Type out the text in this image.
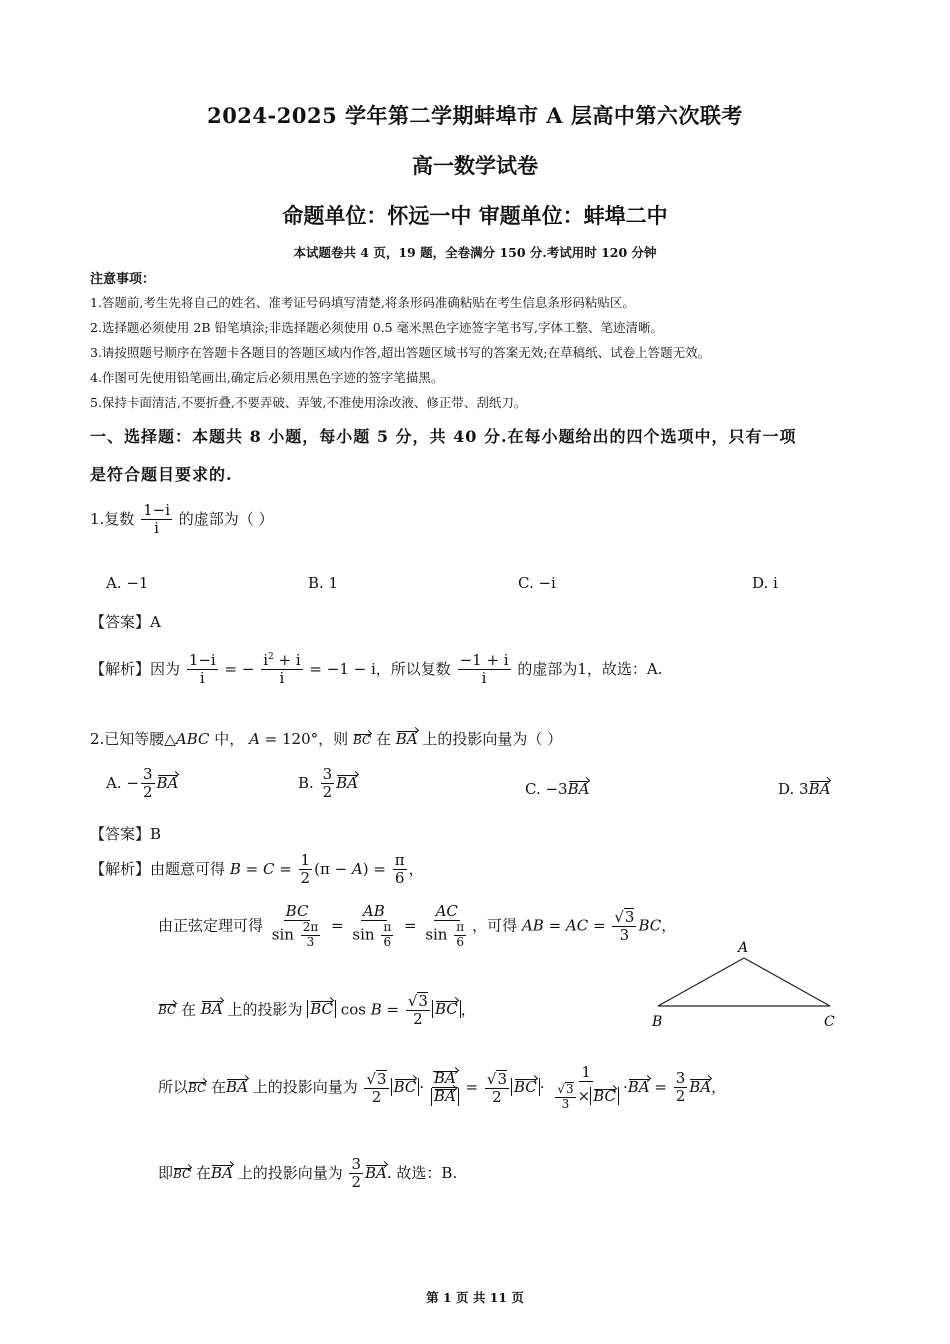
2024-2025 学年第二学期蚌埠市 A 层高中第六次联考
高一数学试卷
命题单位：怀远一中 审题单位：蚌埠二中
本试题卷共 4 页，19 题，全卷满分 150 分.考试用时 120 分钟
注意事项：
1.答题前,考生先将自己的姓名、准考证号码填写清楚,将条形码准确粘贴在考生信息条形码粘贴区。
2.选择题必须使用 2B 铅笔填涂;非选择题必须使用 0.5 毫米黑色字迹签字笔书写,字体工整、笔迹清晰。
3.请按照题号顺序在答题卡各题目的答题区域内作答,超出答题区域书写的答案无效;在草稿纸、试卷上答题无效。
4.作图可先使用铅笔画出,确定后必须用黑色字迹的签字笔描黑。
5.保持卡面清洁,不要折叠,不要弄破、弄皱,不准使用涂改液、修正带、刮纸刀。
一、选择题：本题共 8 小题，每小题 5 分，共 40 分.在每小题给出的四个选项中，只有一项
是符合题目要求的.
1.复数 $\frac{1-i}{i}$ 的虚部为（ ）
A. −1	B. 1	C. −i	D. i
【答案】A
【解析】因为 $\frac{1-i}{i}$ = − $\frac{i^2 + i}{i} = -1 - i$，所以复数 $\frac{-1 + i}{i}$ 的虚部为1，故选：A.
2.已知等腰△ABC 中， A = 120°，则 BC 在 BA 上的投影向量为（ ）
A. − $\frac{3}{2}$ BA	B. $\frac{3}{2}$ BA	C. −3BA	D. 3BA
【答案】B
【解析】由题意可得 $B = C = \frac{1}{2} (\pi - A) = \frac{\pi}{6}$ ，
由正弦定理可得 $\frac{BC}{\sin \frac{2\pi}{3}} = \frac{AB}{\sin \frac{\pi}{6}} = \frac{AC}{\sin \frac{\pi}{6}}$ ，可得 AB = AC = $\frac{√3}{3}$ BC，
BC 在 BA 上的投影为 BC $\cos B = \frac{√3}{2}$ BC ，
所以BC 在BA 上的投影向量为 $\frac{√3}{2}$ BC · $\frac{BA}{BA} = \frac{√3}{2}$ BC · $\frac{1}{\frac{√3}{3} \times BC} \cdot BA = \frac{3}{2}$ BA，
即BC 在BA 上的投影向量为 $\frac{3}{2}$ BA. 故选：B.
A
B	C
第 1 页 共 11 页
